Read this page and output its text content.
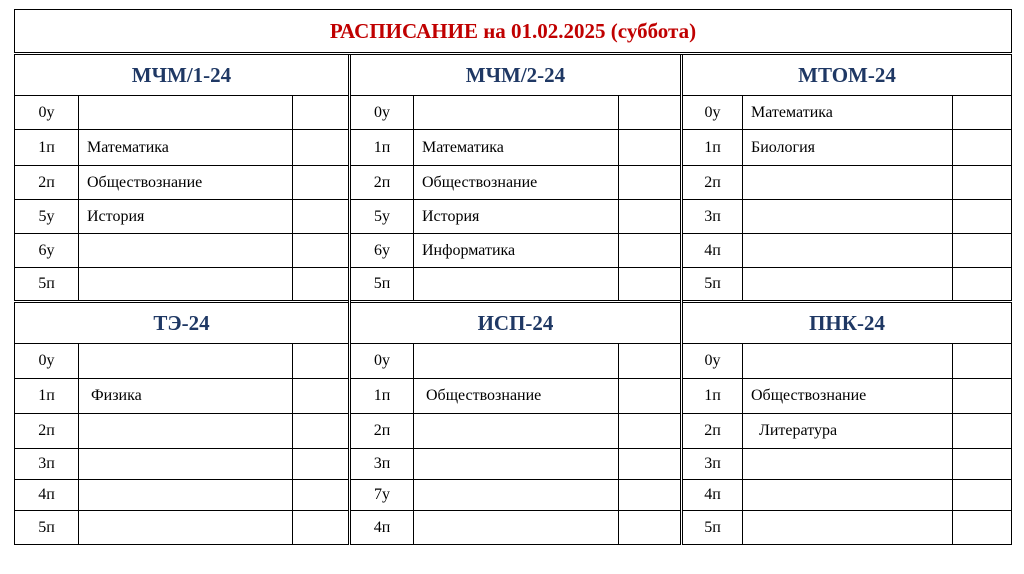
РАСПИСАНИЕ на 01.02.2025 (суббота)								
МЧМ/1-24			МЧМ/2-24			МТОМ-24		
0у			0у			0у	Математика	
1п	Математика		1п	Математика		1п	Биология	
2п	Обществознание		2п	Обществознание		2п		
5у	История		5у	История		3п		
6у			6у	Информатика		4п		
5п			5п			5п		
ТЭ-24			ИСП-24			ПНК-24		
0у			0у			0у		
1п	Физика		1п	Обществознание		1п	Обществознание	
2п			2п			2п	Литература	
3п			3п			3п		
4п			7у			4п		
5п			4п			5п		
